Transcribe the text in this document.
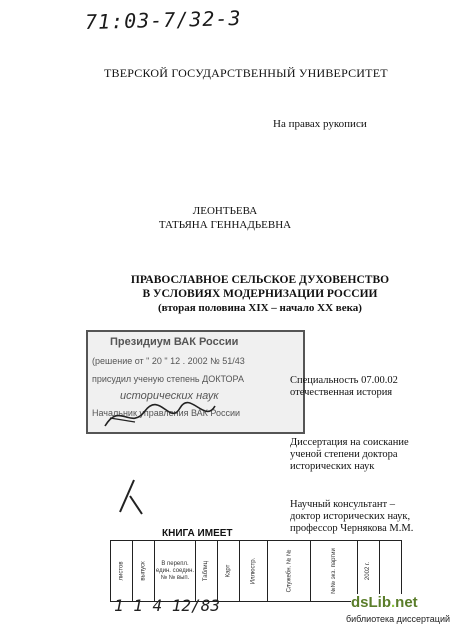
71:03-7/32-3
ТВЕРСКОЙ ГОСУДАРСТВЕННЫЙ УНИВЕРСИТЕТ
На правах рукописи
ЛЕОНТЬЕВА
ТАТЬЯНА ГЕННАДЬЕВНА
ПРАВОСЛАВНОЕ СЕЛЬСКОЕ ДУХОВЕНСТВО
В УСЛОВИЯХ МОДЕРНИЗАЦИИ РОССИИ
(вторая половина XIX – начало XX века)
Президиум ВАК России
(решение от " 20 " 12 . 2002 № 51/43
присудил ученую степень ДОКТОРА
исторических наук
Начальник управления ВАК России
Специальность 07.00.02
отечественная история
Диссертация на соискание
ученой степени доктора
исторических наук
Научный консультант –
доктор исторических наук,
профессор Чернякова М.М.
КНИГА ИМЕЕТ
листов	выпуск	В перепл. един. соедин. № № вып.	Таблиц	Карт	Иллюстр.	Служебн. № №	№№ экз. партии	2002 г.	
1 1 4 12/83	dsLib.net
библиотека диссертаций
